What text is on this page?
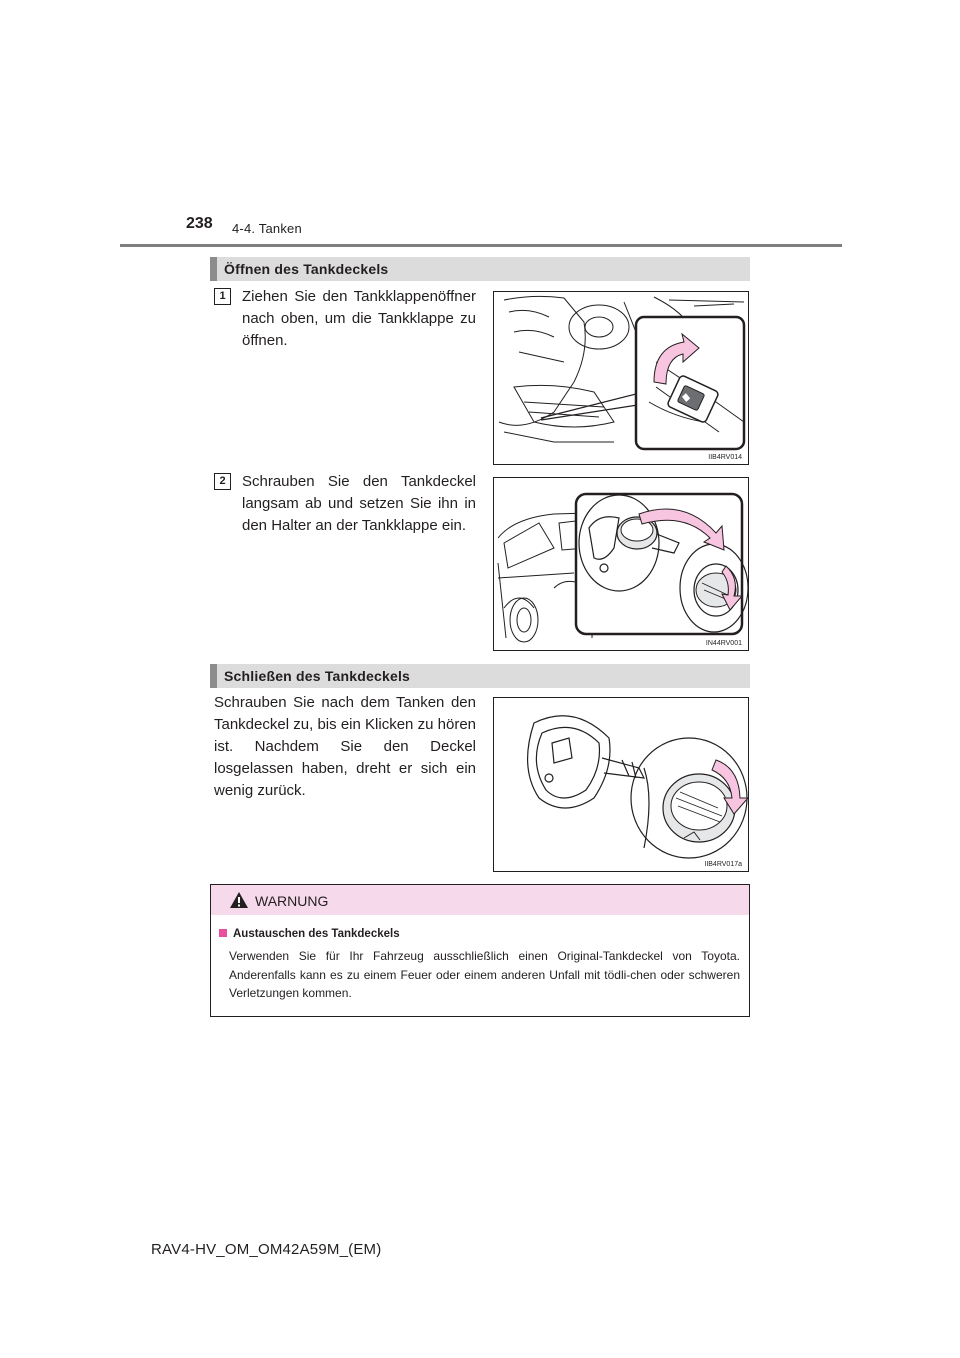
238 4-4. Tanken
Öffnen des Tankdeckels
1	Ziehen Sie den Tankklappenöffner nach oben, um die Tankklappe zu öffnen.
IIB4RV014
2	Schrauben Sie den Tankdeckel langsam ab und setzen Sie ihn in den Halter an der Tankklappe ein.
IN44RV001
Schließen des Tankdeckels
Schrauben Sie nach dem Tanken den Tankdeckel zu, bis ein Klicken zu hören ist. Nachdem Sie den Deckel losgelassen haben, dreht er sich ein wenig zurück.
IIB4RV017a
WARNUNG
Austauschen des Tankdeckels
Verwenden Sie für Ihr Fahrzeug ausschließlich einen Original-Tankdeckel von Toyota. Anderenfalls kann es zu einem Feuer oder einem anderen Unfall mit tödli-chen oder schweren Verletzungen kommen.
RAV4-HV_OM_OM42A59M_(EM)
